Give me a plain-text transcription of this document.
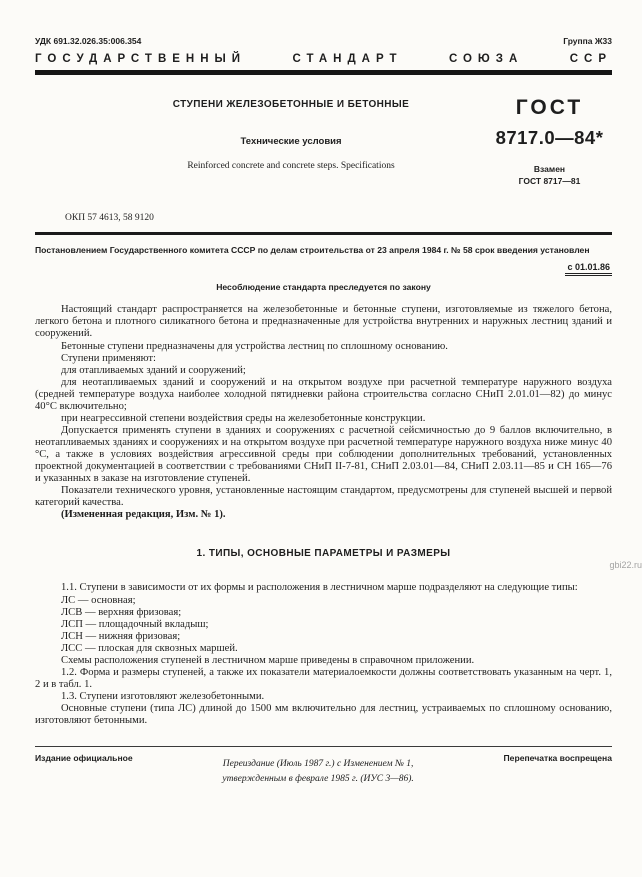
УДК 691.32.026.35:006.354	Группа Ж33
ГОСУДАРСТВЕННЫЙ	СТАНДАРТ	СОЮЗА	ССР
СТУПЕНИ ЖЕЛЕЗОБЕТОННЫЕ И БЕТОННЫЕ
Технические условия
Reinforced concrete and concrete steps. Specifications
ГОСТ
8717.0—84*
Взамен
ГОСТ 8717—81
ОКП 57 4613, 58 9120
Постановлением Государственного комитета СССР по делам строительства от 23 апреля 1984 г. № 58 срок введения установлен
с 01.01.86
Несоблюдение стандарта преследуется по закону

Настоящий стандарт распространяется на железобетонные и бетонные ступени, изготовляемые из тяжелого бетона, легкого бетона и плотного силикатного бетона и предназначенные для устройства внутренних и наружных лестниц зданий и сооружений.

Бетонные ступени предназначены для устройства лестниц по сплошному основанию.

Ступени применяют:

для отапливаемых зданий и сооружений;

для неотапливаемых зданий и сооружений и на открытом воздухе при расчетной температуре наружного воздуха (средней температуре воздуха наиболее холодной пятидневки района строительства согласно СНиП 2.01.01—82) до минус 40°С включительно;

при неагрессивной степени воздействия среды на железобетонные конструкции.

Допускается применять ступени в зданиях и сооружениях с расчетной сейсмичностью до 9 баллов включительно, в неотапливаемых зданиях и сооружениях и на открытом воздухе при расчетной температуре наружного воздуха ниже минус 40 °С, а также в условиях воздействия агрессивной среды при соблюдении дополнительных требований, установленных проектной документацией в соответствии с требованиями СНиП II-7-81, СНиП 2.03.01—84, СНиП 2.03.11—85 и СН 165—76 и указанных в заказе на изготовление ступеней.

Показатели технического уровня, установленные настоящим стандартом, предусмотрены для ступеней высшей и первой категорий качества.

(Измененная редакция, Изм. № 1).

1. ТИПЫ, ОСНОВНЫЕ ПАРАМЕТРЫ И РАЗМЕРЫ

1.1. Ступени в зависимости от их формы и расположения в лестничном марше подразделяют на следующие типы:

ЛС — основная;

ЛСВ — верхняя фризовая;

ЛСП — площадочный вкладыш;

ЛСН — нижняя фризовая;

ЛСС — плоская для сквозных маршей.

Схемы расположения ступеней в лестничном марше приведены в справочном приложении.

1.2. Форма и размеры ступеней, а также их показатели материалоемкости должны соответствовать указанным на черт. 1, 2 и в табл. 1.

1.3. Ступени изготовляют железобетонными.

Основные ступени (типа ЛС) длиной до 1500 мм включительно для лестниц, устраиваемых по сплошному основанию, изготовляют бетонными.

gbi22.ru
Издание официальное
Переиздание (Июль 1987 г.) с Изменением № 1,
утвержденным в феврале 1985 г. (ИУС 3—86).
Перепечатка воспрещена
